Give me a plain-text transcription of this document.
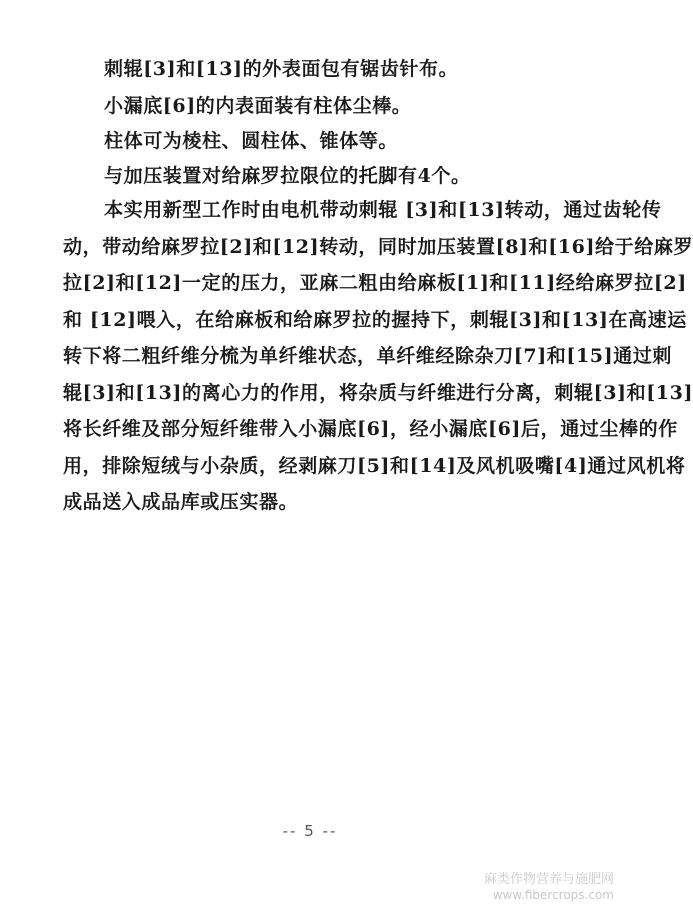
刺辊[3]和[13]的外表面包有锯齿针布。
小漏底[6]的内表面装有柱体尘棒。
柱体可为棱柱、圆柱体、锥体等。
与加压装置对给麻罗拉限位的托脚有4个。
本实用新型工作时由电机带动刺辊 [3]和[13]转动，通过齿轮传
动，带动给麻罗拉[2]和[12]转动，同时加压装置[8]和[16]给于给麻罗
拉[2]和[12]一定的压力，亚麻二粗由给麻板[1]和[11]经给麻罗拉[2]
和 [12]喂入，在给麻板和给麻罗拉的握持下，刺辊[3]和[13]在高速运
转下将二粗纤维分梳为单纤维状态，单纤维经除杂刀[7]和[15]通过刺
辊[3]和[13]的离心力的作用，将杂质与纤维进行分离，刺辊[3]和[13]
将长纤维及部分短纤维带入小漏底[6]，经小漏底[6]后，通过尘棒的作
用，排除短绒与小杂质，经剥麻刀[5]和[14]及风机吸嘴[4]通过风机将
成品送入成品库或压实器。
-- 5 --
麻类作物营养与施肥网
www.fibercrops.com
